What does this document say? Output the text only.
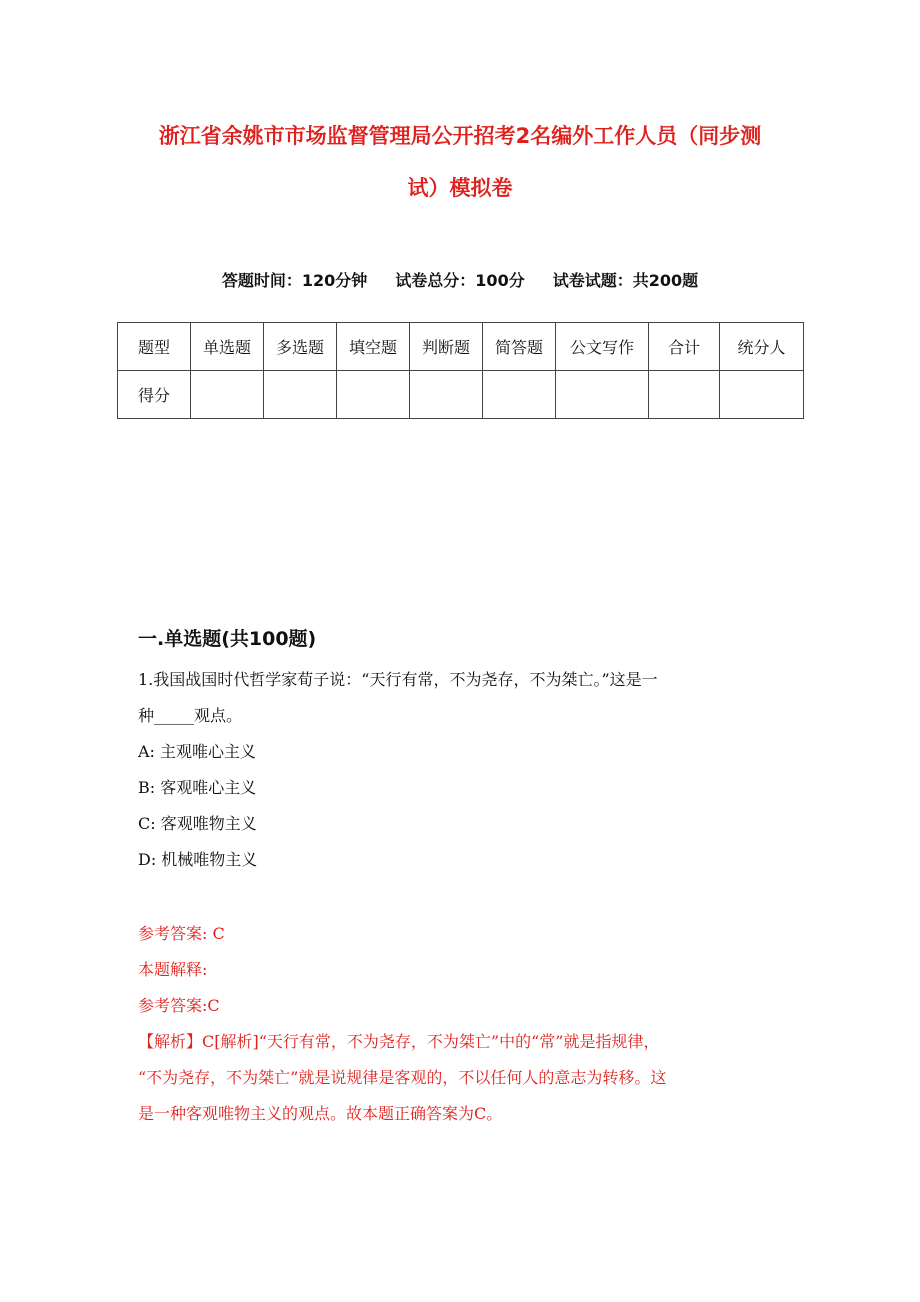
浙江省余姚市市场监督管理局公开招考2名编外工作人员（同步测
试）模拟卷
答题时间：120分钟 试卷总分：100分 试卷试题：共200题
题型	单选题	多选题	填空题	判断题	简答题	公文写作	合计	统分人
得分								
一.单选题(共100题)

1.我国战国时代哲学家荀子说：“天行有常，不为尧存，不为桀亡。”这是一

种_____观点。

A: 主观唯心主义

B: 客观唯心主义

C: 客观唯物主义

D: 机械唯物主义

参考答案: C

本题解释:

参考答案:C

【解析】C[解析]“天行有常，不为尧存，不为桀亡”中的“常”就是指规律，

“不为尧存，不为桀亡”就是说规律是客观的，不以任何人的意志为转移。这

是一种客观唯物主义的观点。故本题正确答案为C。
